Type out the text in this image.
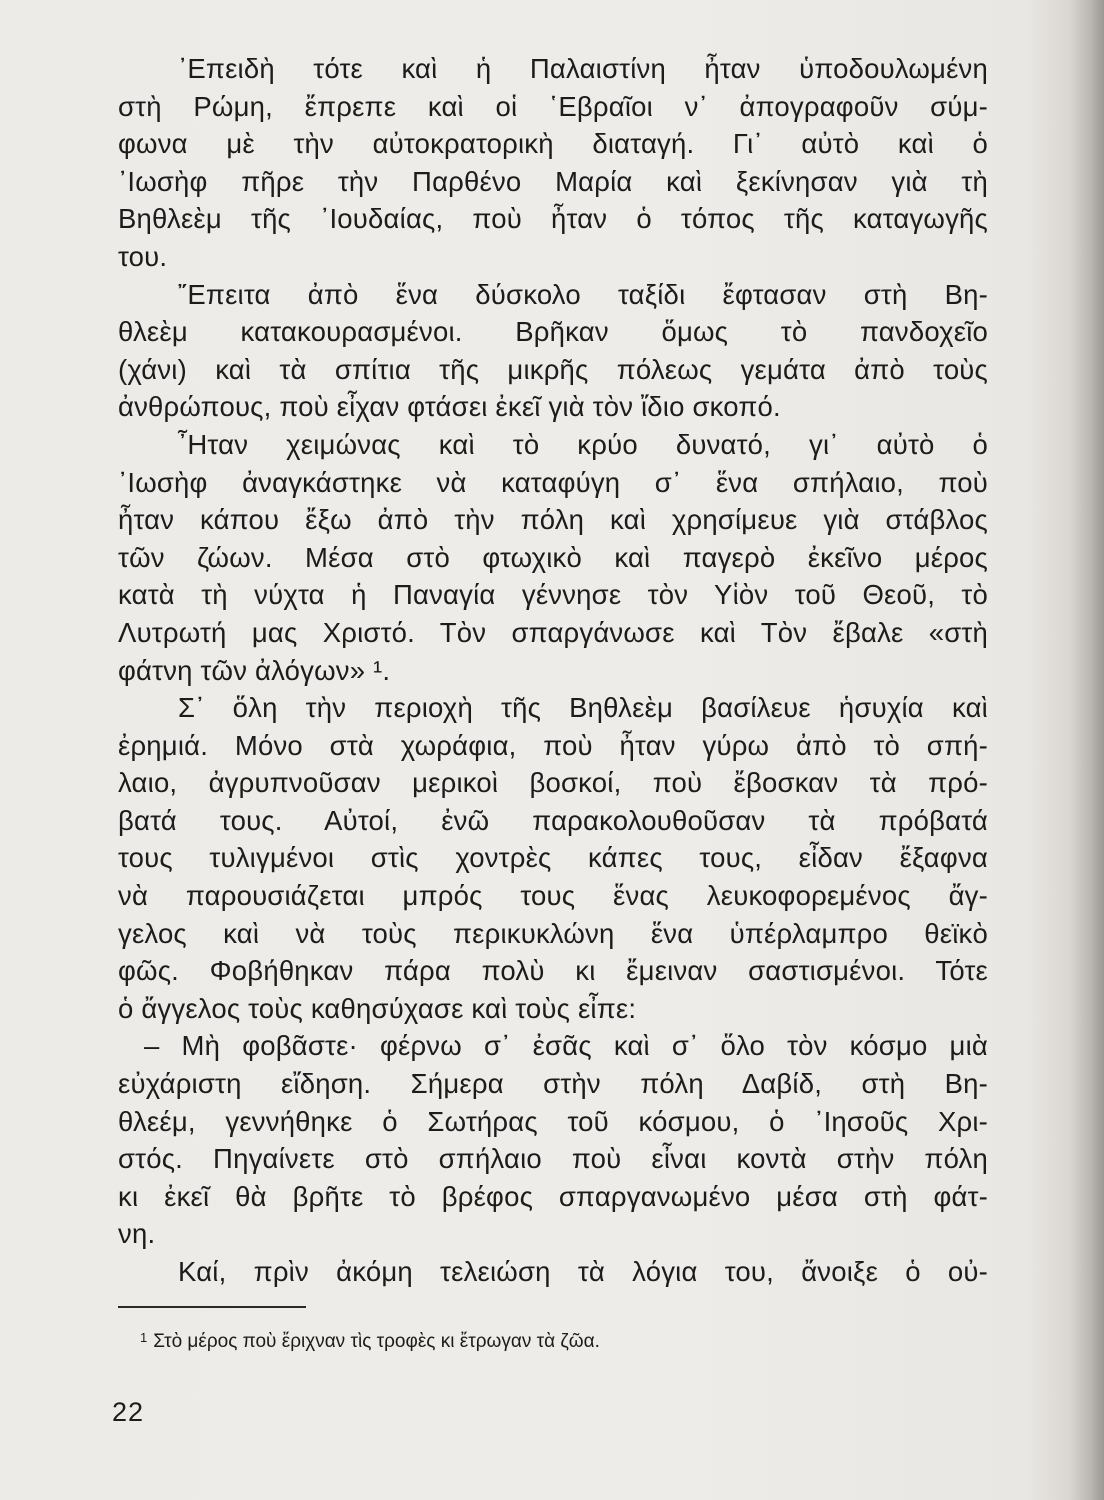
᾿Επειδὴ τότε καὶ ἡ Παλαιστίνη ἦταν ὑποδουλωμένη
στὴ Ρώμη, ἔπρεπε καὶ οἱ ῾Εβραῖοι ν᾿ ἀπογραφοῦν σύμ-
φωνα μὲ τὴν αὐτοκρατορικὴ διαταγή. Γι᾿ αὐτὸ καὶ ὁ
᾿Ιωσὴφ πῆρε τὴν Παρθένο Μαρία καὶ ξεκίνησαν γιὰ τὴ
Βηθλεὲμ τῆς ᾿Ιουδαίας, ποὺ ἦταν ὁ τόπος τῆς καταγωγῆς
του.
῎Επειτα ἀπὸ ἕνα δύσκολο ταξίδι ἔφτασαν στὴ Βη-
θλεὲμ κατακουρασμένοι. Βρῆκαν ὅμως τὸ πανδοχεῖο
(χάνι) καὶ τὰ σπίτια τῆς μικρῆς πόλεως γεμάτα ἀπὸ τοὺς
ἀνθρώπους, ποὺ εἶχαν φτάσει ἐκεῖ γιὰ τὸν ἴδιο σκοπό.
῏Ηταν χειμώνας καὶ τὸ κρύο δυνατό, γι᾿ αὐτὸ ὁ
᾿Ιωσὴφ ἀναγκάστηκε νὰ καταφύγη σ᾿ ἕνα σπήλαιο, ποὺ
ἦταν κάπου ἔξω ἀπὸ τὴν πόλη καὶ χρησίμευε γιὰ στάβλος
τῶν ζώων. Μέσα στὸ φτωχικὸ καὶ παγερὸ ἐκεῖνο μέρος
κατὰ τὴ νύχτα ἡ Παναγία γέννησε τὸν Υἱὸν τοῦ Θεοῦ, τὸ
Λυτρωτή μας Χριστό. Τὸν σπαργάνωσε καὶ Τὸν ἔβαλε «στὴ
φάτνη τῶν ἀλόγων» ¹.
Σ᾿ ὅλη τὴν περιοχὴ τῆς Βηθλεὲμ βασίλευε ἡσυχία καὶ
ἐρημιά. Μόνο στὰ χωράφια, ποὺ ἦταν γύρω ἀπὸ τὸ σπή-
λαιο, ἀγρυπνοῦσαν μερικοὶ βοσκοί, ποὺ ἔβοσκαν τὰ πρό-
βατά τους. Αὐτοί, ἐνῶ παρακολουθοῦσαν τὰ πρόβατά
τους τυλιγμένοι στὶς χοντρὲς κάπες τους, εἶδαν ἔξαφνα
νὰ παρουσιάζεται μπρός τους ἕνας λευκοφορεμένος ἄγ-
γελος καὶ νὰ τοὺς περικυκλώνη ἕνα ὑπέρλαμπρο θεϊκὸ
φῶς. Φοβήθηκαν πάρα πολὺ κι ἔμειναν σαστισμένοι. Τότε
ὁ ἄγγελος τοὺς καθησύχασε καὶ τοὺς εἶπε:
– Μὴ φοβᾶστε· φέρνω σ᾿ ἐσᾶς καὶ σ᾿ ὅλο τὸν κόσμο μιὰ
εὐχάριστη εἴδηση. Σήμερα στὴν πόλη Δαβίδ, στὴ Βη-
θλεέμ, γεννήθηκε ὁ Σωτήρας τοῦ κόσμου, ὁ ᾿Ιησοῦς Χρι-
στός. Πηγαίνετε στὸ σπήλαιο ποὺ εἶναι κοντὰ στὴν πόλη
κι ἐκεῖ θὰ βρῆτε τὸ βρέφος σπαργανωμένο μέσα στὴ φάτ-
νη.
Καί, πρὶν ἀκόμη τελειώση τὰ λόγια του, ἄνοιξε ὁ οὐ-
$^1$ Στὸ μέρος ποὺ ἔριχναν τὶς τροφὲς κι ἔτρωγαν τὰ ζῶα.
22
